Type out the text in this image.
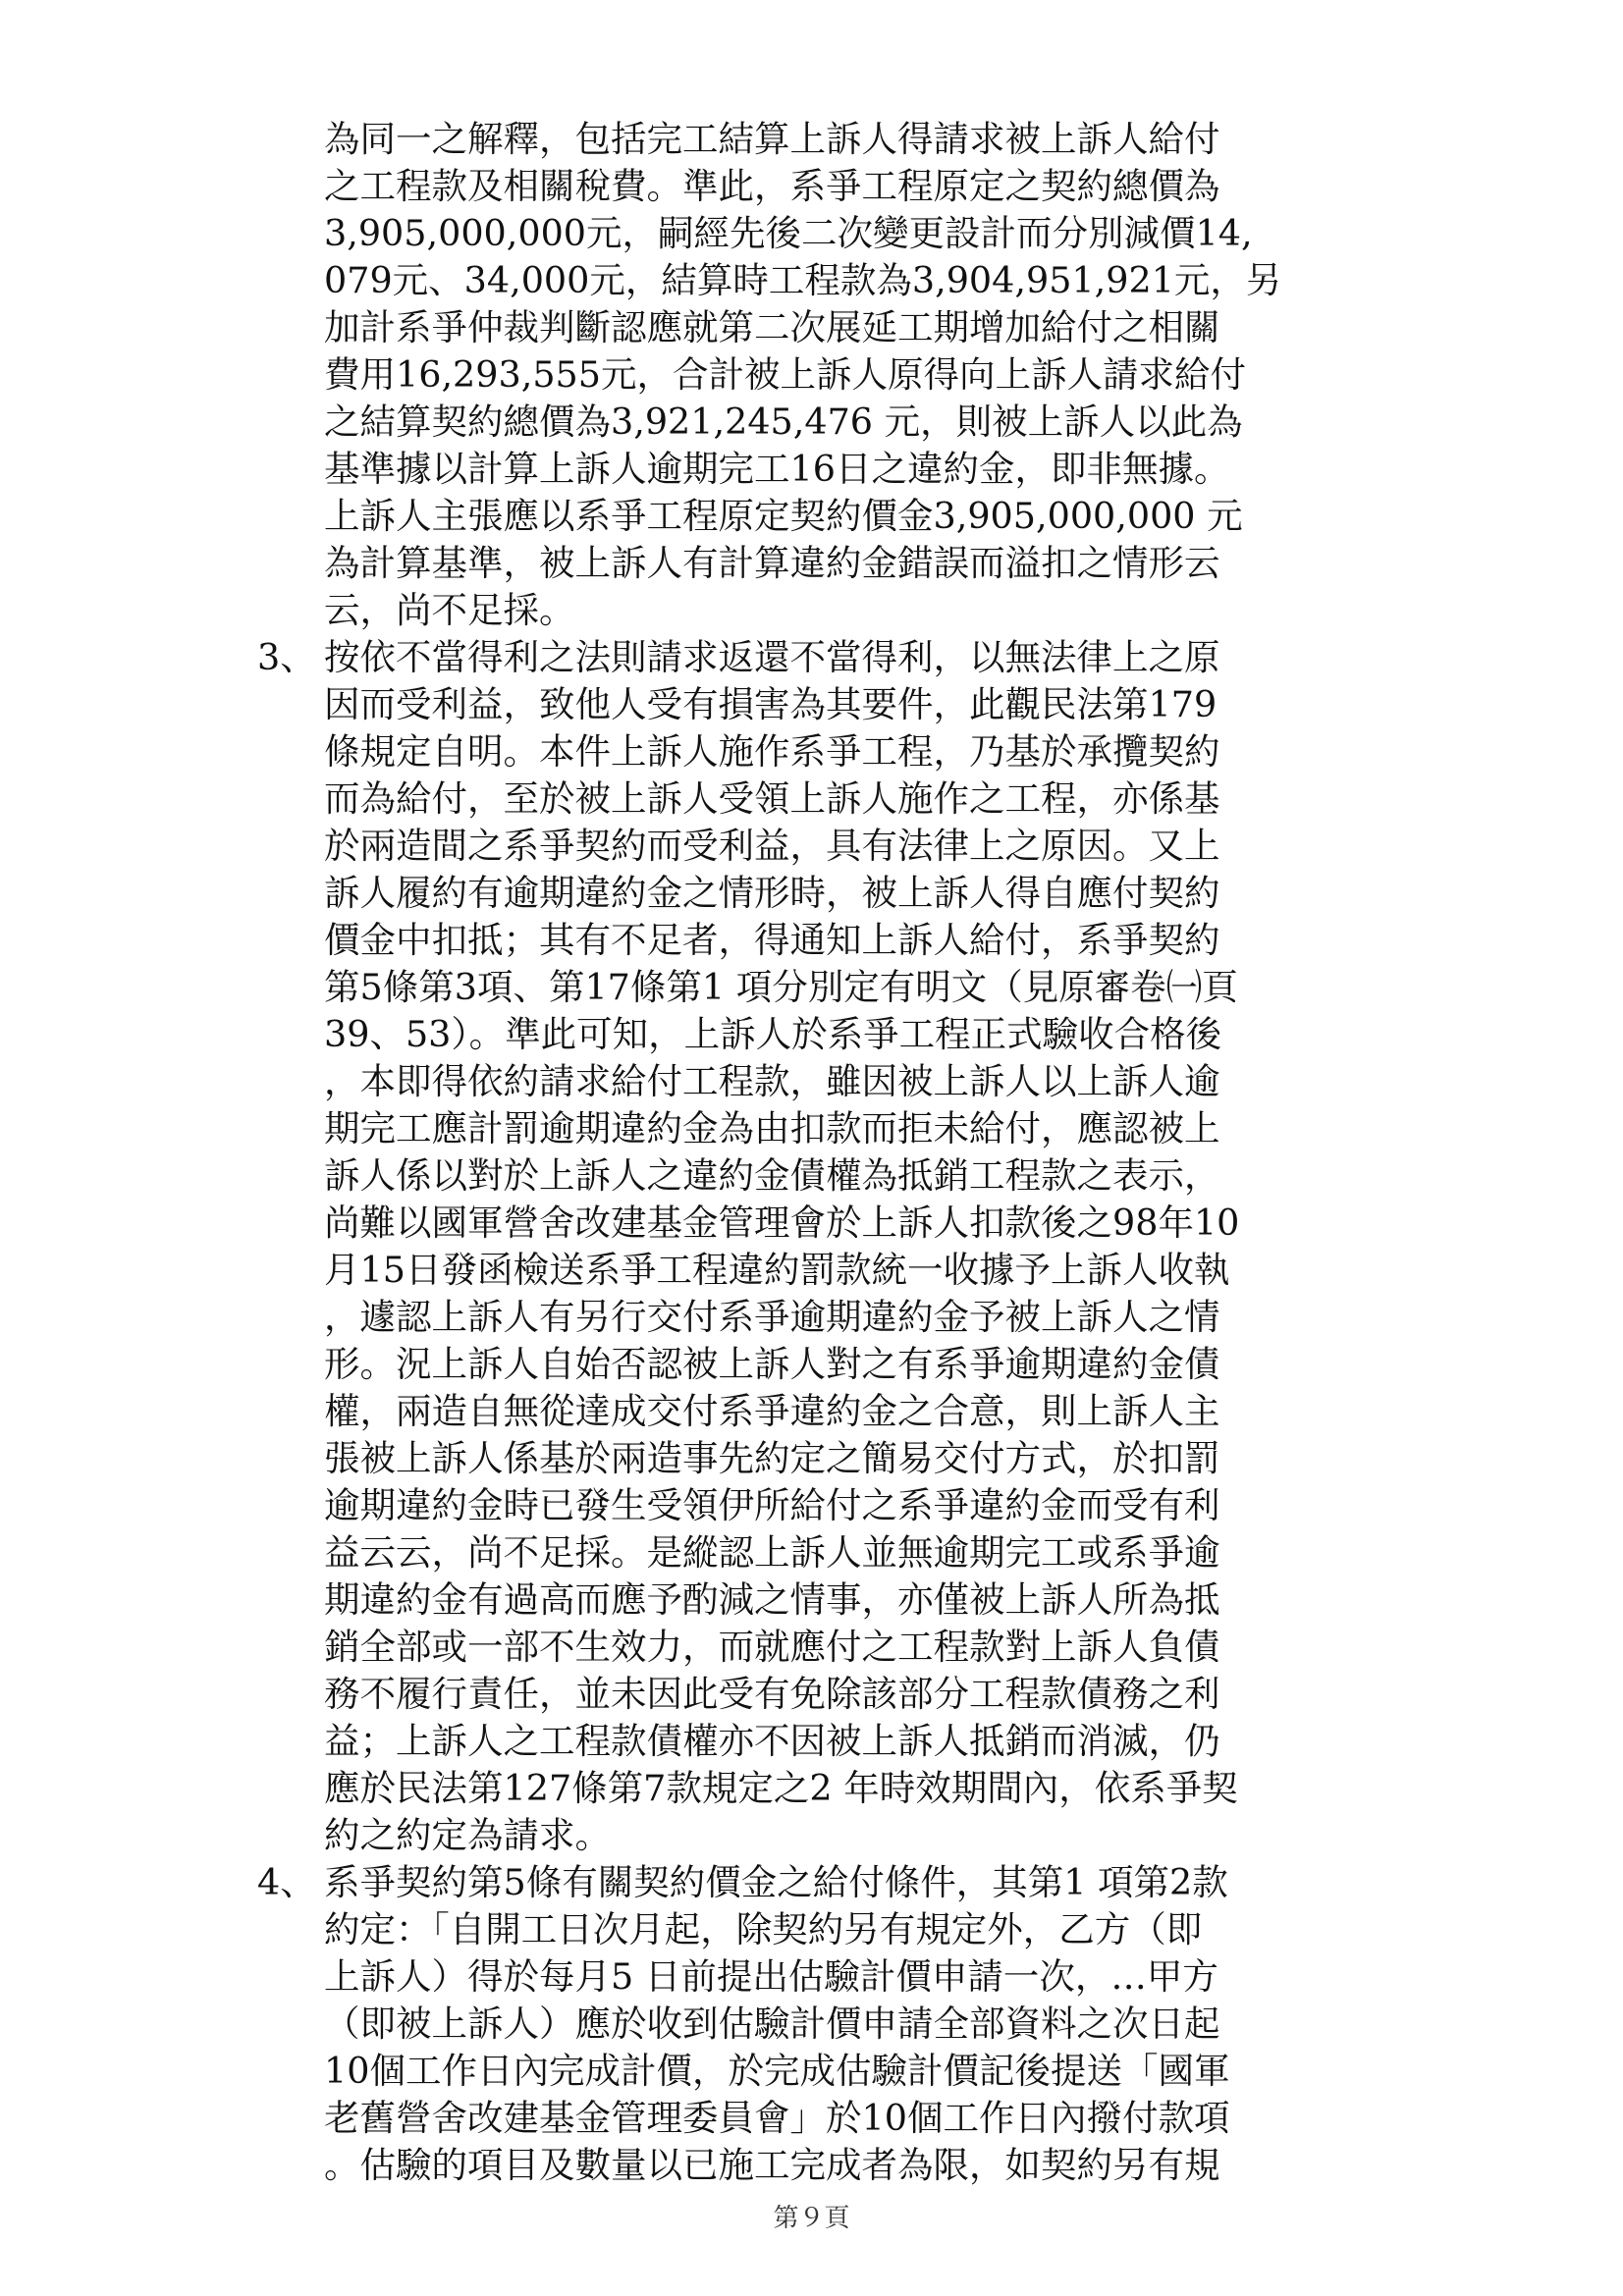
為同一之解釋，包括完工結算上訴人得請求被上訴人給付
之工程款及相關稅費。準此，系爭工程原定之契約總價為
3,905,000,000元，嗣經先後二次變更設計而分別減價14,
079元、34,000元，結算時工程款為3,904,951,921元，另
加計系爭仲裁判斷認應就第二次展延工期增加給付之相關
費用16,293,555元，合計被上訴人原得向上訴人請求給付
之結算契約總價為3,921,245,476 元，則被上訴人以此為
基準據以計算上訴人逾期完工16日之違約金，即非無據。
上訴人主張應以系爭工程原定契約價金3,905,000,000 元
為計算基準，被上訴人有計算違約金錯誤而溢扣之情形云
云，尚不足採。
3、 按依不當得利之法則請求返還不當得利，以無法律上之原
因而受利益，致他人受有損害為其要件，此觀民法第179
條規定自明。本件上訴人施作系爭工程，乃基於承攬契約
而為給付，至於被上訴人受領上訴人施作之工程，亦係基
於兩造間之系爭契約而受利益，具有法律上之原因。又上
訴人履約有逾期違約金之情形時，被上訴人得自應付契約
價金中扣抵；其有不足者，得通知上訴人給付，系爭契約
第5條第3項、第17條第1 項分別定有明文（見原審卷㈠頁
39、53）。準此可知，上訴人於系爭工程正式驗收合格後
，本即得依約請求給付工程款，雖因被上訴人以上訴人逾
期完工應計罰逾期違約金為由扣款而拒未給付，應認被上
訴人係以對於上訴人之違約金債權為抵銷工程款之表示，
尚難以國軍營舍改建基金管理會於上訴人扣款後之98年10
月15日發函檢送系爭工程違約罰款統一收據予上訴人收執
，遽認上訴人有另行交付系爭逾期違約金予被上訴人之情
形。況上訴人自始否認被上訴人對之有系爭逾期違約金債
權，兩造自無從達成交付系爭違約金之合意，則上訴人主
張被上訴人係基於兩造事先約定之簡易交付方式，於扣罰
逾期違約金時已發生受領伊所給付之系爭違約金而受有利
益云云，尚不足採。是縱認上訴人並無逾期完工或系爭逾
期違約金有過高而應予酌減之情事，亦僅被上訴人所為抵
銷全部或一部不生效力，而就應付之工程款對上訴人負債
務不履行責任，並未因此受有免除該部分工程款債務之利
益；上訴人之工程款債權亦不因被上訴人抵銷而消滅，仍
應於民法第127條第7款規定之2 年時效期間內，依系爭契
約之約定為請求。
4、 系爭契約第5條有關契約價金之給付條件，其第1 項第2款
約定：「自開工日次月起，除契約另有規定外，乙方（即
上訴人）得於每月5 日前提出估驗計價申請一次，…甲方
（即被上訴人）應於收到估驗計價申請全部資料之次日起
10個工作日內完成計價，於完成估驗計價記後提送「國軍
老舊營舍改建基金管理委員會」於10個工作日內撥付款項
。估驗的項目及數量以已施工完成者為限，如契約另有規
第９頁
